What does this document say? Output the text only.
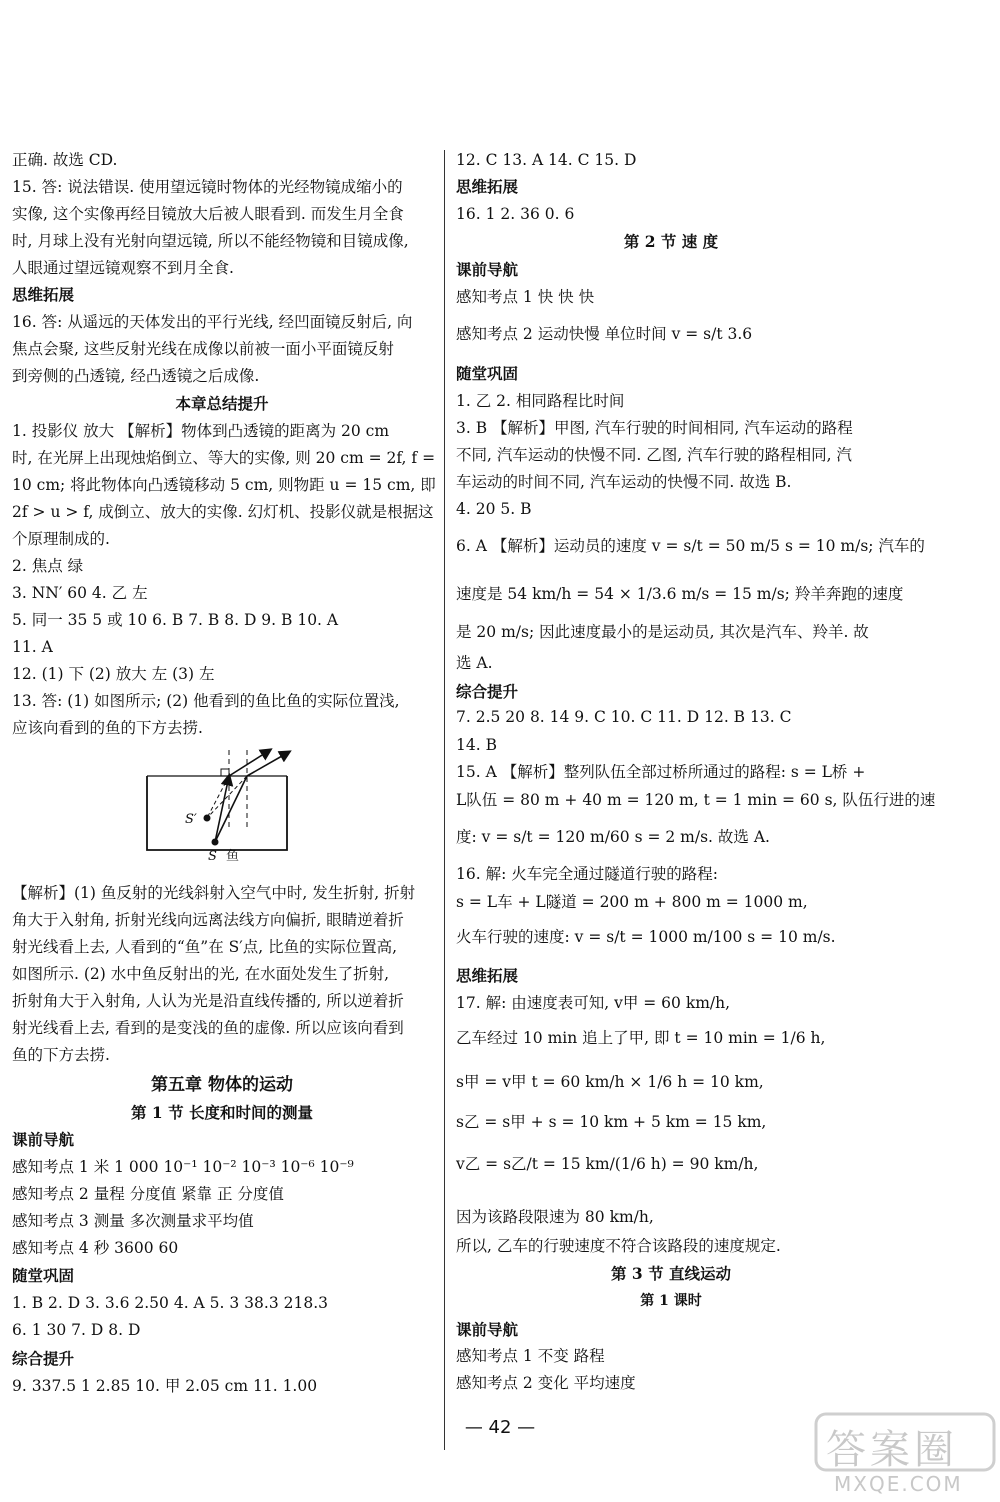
正确. 故选 CD.
15. 答: 说法错误. 使用望远镜时物体的光经物镜成缩小的
实像, 这个实像再经目镜放大后被人眼看到. 而发生月全食
时, 月球上没有光射向望远镜, 所以不能经物镜和目镜成像,
人眼通过望远镜观察不到月全食.
思维拓展
16. 答: 从遥远的天体发出的平行光线, 经凹面镜反射后, 向
焦点会聚, 这些反射光线在成像以前被一面小平面镜反射
到旁侧的凸透镜, 经凸透镜之后成像.
本章总结提升
1. 投影仪 放大 【解析】物体到凸透镜的距离为 20 cm
时, 在光屏上出现烛焰倒立、等大的实像, 则 20 cm = 2f, f =
10 cm; 将此物体向凸透镜移动 5 cm, 则物距 u = 15 cm, 即
2f > u > f, 成倒立、放大的实像. 幻灯机、投影仪就是根据这
个原理制成的.
2. 焦点 绿
3. NN′ 60 4. 乙 左
5. 同一 35 5 或 10 6. B 7. B 8. D 9. B 10. A
11. A
12. (1) 下 (2) 放大 左 (3) 左
13. 答: (1) 如图所示; (2) 他看到的鱼比鱼的实际位置浅,
应该向看到的鱼的下方去捞.
S′
S 鱼
【解析】(1) 鱼反射的光线斜射入空气中时, 发生折射, 折射
角大于入射角, 折射光线向远离法线方向偏折, 眼睛逆着折
射光线看上去, 人看到的“鱼”在 S′点, 比鱼的实际位置高,
如图所示. (2) 水中鱼反射出的光, 在水面处发生了折射,
折射角大于入射角, 人认为光是沿直线传播的, 所以逆着折
射光线看上去, 看到的是变浅的鱼的虚像. 所以应该向看到
鱼的下方去捞.
第五章 物体的运动
第 1 节 长度和时间的测量
课前导航
感知考点 1 米 1 000 10⁻¹ 10⁻² 10⁻³ 10⁻⁶ 10⁻⁹
感知考点 2 量程 分度值 紧靠 正 分度值
感知考点 3 测量 多次测量求平均值
感知考点 4 秒 3600 60
随堂巩固
1. B 2. D 3. 3.6 2.50 4. A 5. 3 38.3 218.3
6. 1 30 7. D 8. D
综合提升
9. 337.5 1 2.85 10. 甲 2.05 cm 11. 1.00
12. C 13. A 14. C 15. D
思维拓展
16. 1 2. 36 0. 6
第 2 节 速 度
课前导航
感知考点 1 快 快 快
感知考点 2 运动快慢 单位时间 v = s/t 3.6
随堂巩固
1. 乙 2. 相同路程比时间
3. B 【解析】甲图, 汽车行驶的时间相同, 汽车运动的路程
不同, 汽车运动的快慢不同. 乙图, 汽车行驶的路程相同, 汽
车运动的时间不同, 汽车运动的快慢不同. 故选 B.
4. 20 5. B
6. A 【解析】运动员的速度 v = s/t = 50 m/5 s = 10 m/s; 汽车的
速度是 54 km/h = 54 × 1/3.6 m/s = 15 m/s; 羚羊奔跑的速度
是 20 m/s; 因此速度最小的是运动员, 其次是汽车、羚羊. 故
选 A.
综合提升
7. 2.5 20 8. 14 9. C 10. C 11. D 12. B 13. C
14. B
15. A 【解析】整列队伍全部过桥所通过的路程: s = L桥 +
L队伍 = 80 m + 40 m = 120 m, t = 1 min = 60 s, 队伍行进的速
度: v = s/t = 120 m/60 s = 2 m/s. 故选 A.
16. 解: 火车完全通过隧道行驶的路程:
s = L车 + L隧道 = 200 m + 800 m = 1000 m,
火车行驶的速度: v = s/t = 1000 m/100 s = 10 m/s.
思维拓展
17. 解: 由速度表可知, v甲 = 60 km/h,
乙车经过 10 min 追上了甲, 即 t = 10 min = 1/6 h,
s甲 = v甲 t = 60 km/h × 1/6 h = 10 km,
s乙 = s甲 + s = 10 km + 5 km = 15 km,
v乙 = s乙/t = 15 km/(1/6 h) = 90 km/h,
因为该路段限速为 80 km/h,
所以, 乙车的行驶速度不符合该路段的速度规定.
第 3 节 直线运动
第 1 课时
课前导航
感知考点 1 不变 路程
感知考点 2 变化 平均速度
— 42 —	答案圈
MXQE.COM
